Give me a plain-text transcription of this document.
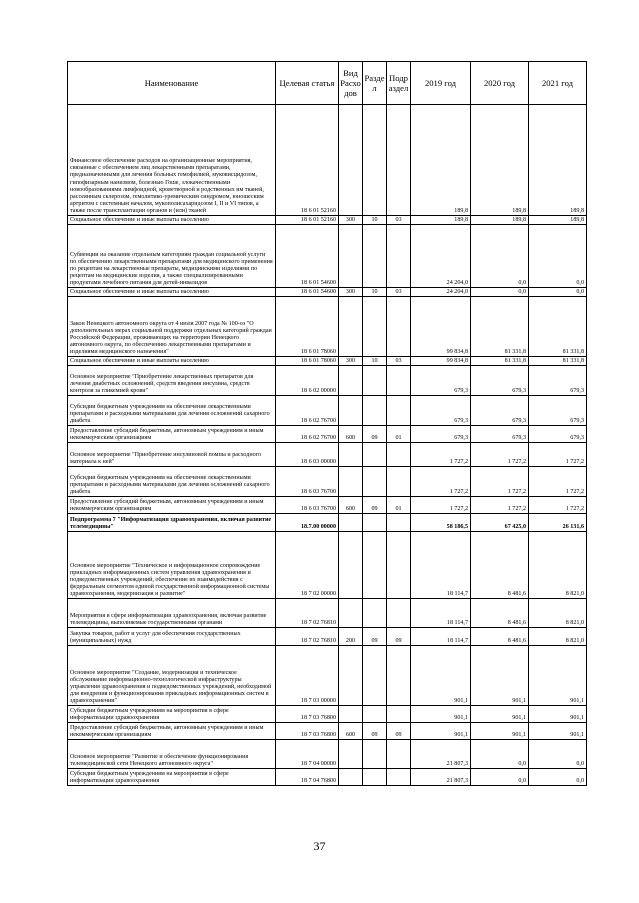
Наименование	Целевая статья	Вид Расхо дов	Разде л	Подр аздел	2019 год	2020 год	2021 год
Финансовое обеспечение расходов на организационные мероприятия, связанные с обеспечением лиц лекарственными препаратами, предназначенными для лечения больных гемофилией, муковисцидозом, гипофизарным нанизмом, болезнью Гоше, злокачественными новообразованиями лимфоидной, кроветворной и родственных им тканей, рассеянным склерозом, гемолитико-уремическим синдромом, юношеским артритом с системным началом, мукополисахаридозом I, II и VI типов, а также после трансплантации органов и (или) тканей	18 6 01 52160				189,8	189,8	189,8
Социальное обеспечение и иные выплаты населению	18 6 01 52160	300	10	03	189,8	189,8	189,8
Субвенции на оказание отдельным категориям граждан социальной услуги по обеспечению лекарственными препаратами для медицинского применения по рецептам на лекарственные препараты, медицинскими изделиями по рецептам на медицинские изделия, а также специализированными продуктами лечебного питания для детей-инвалидов	18 6 01 54600				24 204,0	0,0	0,0
Социальное обеспечение и иные выплаты населению	18 6 01 54600	300	10	03	24 204,0	0,0	0,0
Закон Ненецкого автономного округа от 4 июля 2007 года № 100-оз "О дополнительных мерах социальной поддержки отдельных категорий граждан Российской Федерации, проживающих на территории Ненецкого автономного округа, по обеспечению лекарственными препаратами и изделиями медицинского назначения"	18 6 01 78060				99 834,8	81 331,8	81 331,8
Социальное обеспечение и иные выплаты населению	18 6 01 78060	300	10	03	99 834,8	81 331,8	81 331,8
Основное мероприятие "Приобретение лекарственных препаратов для лечения диабетных осложнений, средств введения инсулина, средств контроля за гликемией крови"	18 6 02 00000				679,3	679,3	679,3
Субсидии бюджетным учреждениям на обеспечение лекарственными препаратами и расходными материалами для лечения осложнений сахарного диабета	18 6 02 76700				679,3	679,3	679,3
Предоставление субсидий бюджетным, автономным учреждениям и иным некоммерческим организациям	18 6 02 76700	600	09	01	679,3	679,3	679,3
Основное мероприятие "Приобретение инсулиновой помпы и расходного материала к ней"	18 6 03 00000				1 727,2	1 727,2	1 727,2
Субсидии бюджетным учреждениям на обеспечение лекарственными препаратами и расходными материалами для лечения осложнений сахарного диабета	18 6 03 76700				1 727,2	1 727,2	1 727,2
Предоставление субсидий бюджетным, автономным учреждениям и иным некоммерческим организациям	18 6 03 76700	600	09	01	1 727,2	1 727,2	1 727,2
Подпрограмма 7 "Информатизация здравоохранения, включая развитие телемедицины"	18.7.00 00000				58 186,5	67 425,0	26 131,6
Основное мероприятие "Техническое и информационное сопровождение прикладных информационных систем управления здравоохранения и подведомственных учреждений, обеспечение их взаимодействия с федеральным сегментом единой государственной информационной системы здравоохранения, модернизация и развитие"	18 7 02 00000				18 114,7	8 481,6	8 821,0
Мероприятия в сфере информатизации здравоохранения, включая развитие телемедицины, выполняемые государственными органами	18 7 02 76810				18 114,7	8 481,6	8 821,0
Закупка товаров, работ и услуг для обеспечения государственных (муниципальных) нужд	18 7 02 76810	200	09	09	18 114,7	8 481,6	8 821,0
Основное мероприятие "Создание, модернизация и техническое обслуживание информационно-технологической инфраструктуры управления здравоохранения и подведомственных учреждений, необходимой для внедрения и функционирования прикладных информационных систем в здравоохранении"	18 7 03 00000				901,1	901,1	901,1
Субсидии бюджетным учреждениям на мероприятия в сфере информатизации здравоохранения	18 7 03 76800				901,1	901,1	901,1
Предоставление субсидий бюджетным, автономным учреждениям и иным некоммерческим организациям	18 7 03 76800	600	09	09	901,1	901,1	901,1
Основное мероприятие "Развитие и обеспечение функционирования телемедицинской сети Ненецкого автономного округа"	18 7 04 00000				21 807,3	0,0	0,0
Субсидии бюджетным учреждениям на мероприятия в сфере информатизации здравоохранения	18 7 04 76800				21 807,3	0,0	0,0
37
